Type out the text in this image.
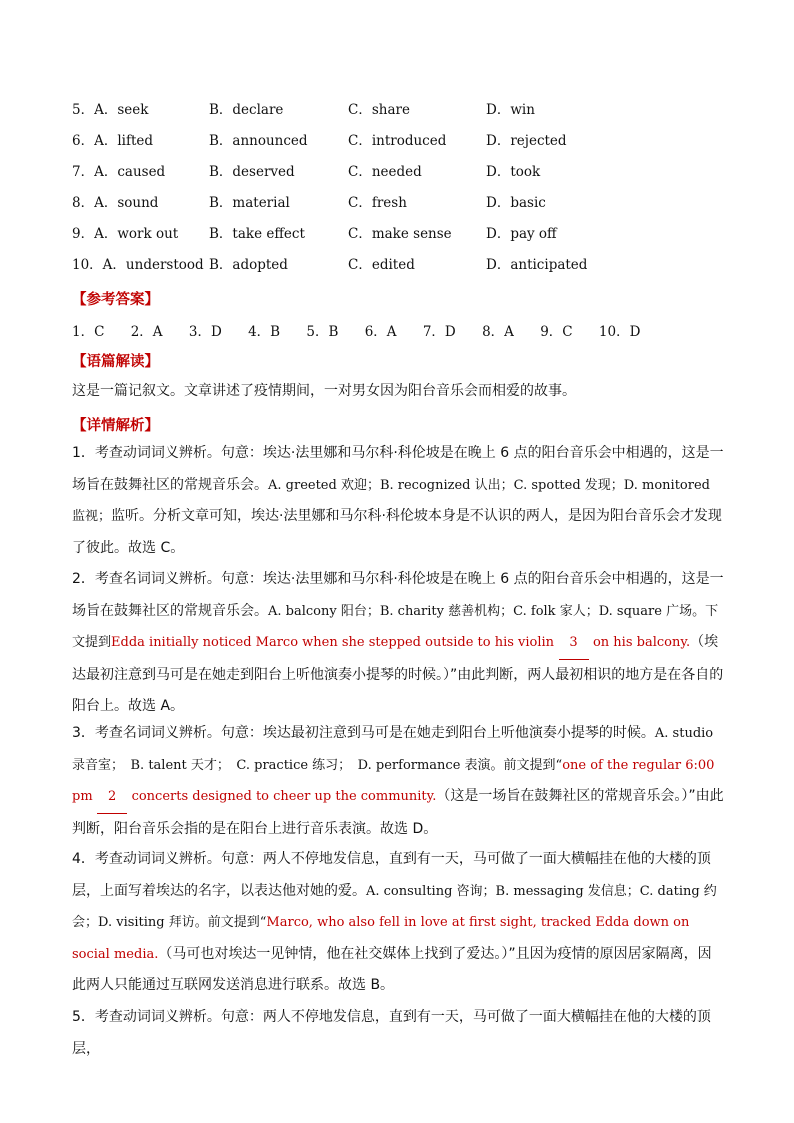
5．A．seek	B．declare	C．share	D．win
6．A．lifted	B．announced	C．introduced	D．rejected
7．A．caused	B．deserved	C．needed	D．took
8．A．sound	B．material	C．fresh	D．basic
9．A．work out B．take effect	C．make sense	D．pay off
10．A．understood B．adopted	C．edited	D．anticipated
【参考答案】
1．C 2．A 3．D 4．B 5．B 6．A 7．D 8．A 9．C 10．D
【语篇解读】
这是一篇记叙文。文章讲述了疫情期间，一对男女因为阳台音乐会而相爱的故事。
【详情解析】
1．考查动词词义辨析。句意：埃达·法里娜和马尔科·科伦坡是在晚上 6 点的阳台音乐会中相遇的，这是一场旨在鼓舞社区的常规音乐会。A. greeted 欢迎；B. recognized 认出；C. spotted 发现；D. monitored 监视；监听。分析文章可知，埃达·法里娜和马尔科·科伦坡本身是不认识的两人，是因为阳台音乐会才发现了彼此。故选 C。
2．考查名词词义辨析。句意：埃达·法里娜和马尔科·科伦坡是在晚上 6 点的阳台音乐会中相遇的，这是一场旨在鼓舞社区的常规音乐会。A. balcony 阳台；B. charity 慈善机构；C. folk 家人；D. square 广场。下文提到Edda initially noticed Marco when she stepped outside to his violin 3 on his balcony.（埃达最初注意到马可是在她走到阳台上听他演奏小提琴的时候。）”由此判断，两人最初相识的地方是在各自的阳台上。故选 A。
3．考查名词词义辨析。句意：埃达最初注意到马可是在她走到阳台上听他演奏小提琴的时候。A. studio 录音室；　B. talent 天才；　C. practice 练习；　D. performance 表演。前文提到“one of the regular 6:00 pm 2 concerts designed to cheer up the community.（这是一场旨在鼓舞社区的常规音乐会。）”由此判断，阳台音乐会指的是在阳台上进行音乐表演。故选 D。
4．考查动词词义辨析。句意：两人不停地发信息，直到有一天，马可做了一面大横幅挂在他的大楼的顶层，上面写着埃达的名字，以表达他对她的爱。A. consulting 咨询；B. messaging 发信息；C. dating 约会；D. visiting 拜访。前文提到“Marco, who also fell in love at first sight, tracked Edda down on social media.（马可也对埃达一见钟情，他在社交媒体上找到了爱达。）”且因为疫情的原因居家隔离，因此两人只能通过互联网发送消息进行联系。故选 B。
5．考查动词词义辨析。句意：两人不停地发信息，直到有一天，马可做了一面大横幅挂在他的大楼的顶层，
